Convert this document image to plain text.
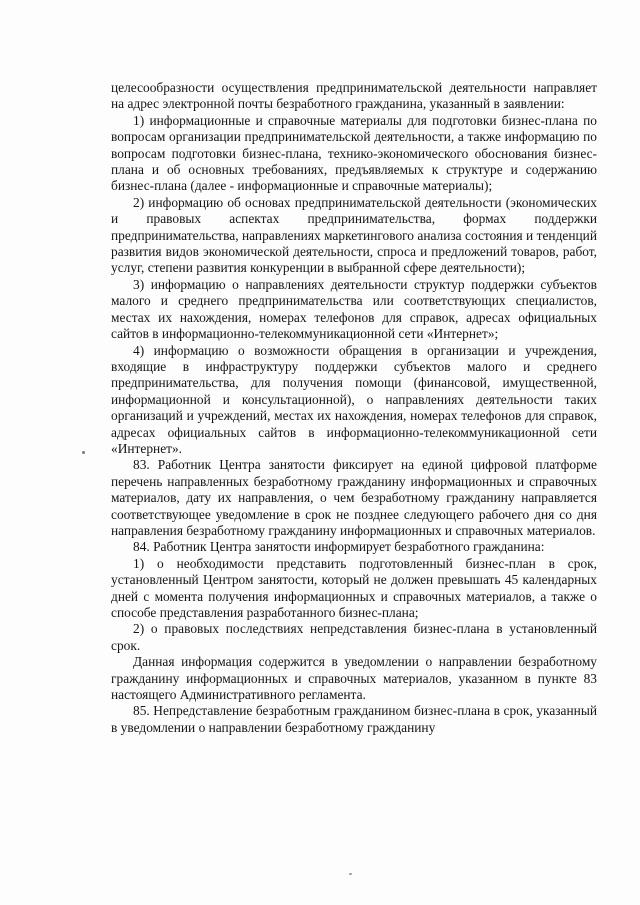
целесообразности осуществления предпринимательской деятельности направляет на адрес электронной почты безработного гражданина, указанный в заявлении:

1) информационные и справочные материалы для подготовки бизнес-плана по вопросам организации предпринимательской деятельности, а также информацию по вопросам подготовки бизнес-плана, технико-экономического обоснования бизнес-плана и об основных требованиях, предъявляемых к структуре и содержанию бизнес-плана (далее - информационные и справочные материалы);

2) информацию об основах предпринимательской деятельности (экономических и правовых аспектах предпринимательства, формах поддержки предпринимательства, направлениях маркетингового анализа состояния и тенденций развития видов экономической деятельности, спроса и предложений товаров, работ, услуг, степени развития конкуренции в выбранной сфере деятельности);

3) информацию о направлениях деятельности структур поддержки субъектов малого и среднего предпринимательства или соответствующих специалистов, местах их нахождения, номерах телефонов для справок, адресах официальных сайтов в информационно-телекоммуникационной сети «Интернет»;

4) информацию о возможности обращения в организации и учреждения, входящие в инфраструктуру поддержки субъектов малого и среднего предпринимательства, для получения помощи (финансовой, имущественной, информационной и консультационной), о направлениях деятельности таких организаций и учреждений, местах их нахождения, номерах телефонов для справок, адресах официальных сайтов в информационно-телекоммуникационной сети «Интернет».

83. Работник Центра занятости фиксирует на единой цифровой платформе перечень направленных безработному гражданину информационных и справочных материалов, дату их направления, о чем безработному гражданину направляется соответствующее уведомление в срок не позднее следующего рабочего дня со дня направления безработному гражданину информационных и справочных материалов.

84. Работник Центра занятости информирует безработного гражданина:

1) о необходимости представить подготовленный бизнес-план в срок, установленный Центром занятости, который не должен превышать 45 календарных дней с момента получения информационных и справочных материалов, а также о способе представления разработанного бизнес-плана;

2) о правовых последствиях непредставления бизнес-плана в установленный срок.

Данная информация содержится в уведомлении о направлении безработному гражданину информационных и справочных материалов, указанном в пункте 83 настоящего Административного регламента.

85. Непредставление безработным гражданином бизнес-плана в срок, указанный в уведомлении о направлении безработному гражданину
